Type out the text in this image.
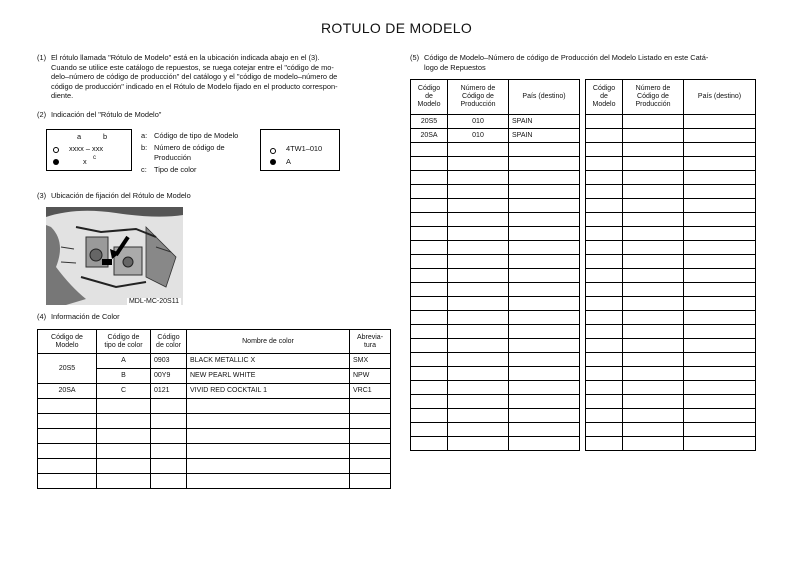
ROTULO DE MODELO
(1) El rótulo llamada "Rótulo de Modelo" está en la ubicación indicada abajo en el (3).
Cuando se utilice este catálogo de repuestos, se ruega cotejar entre el "código de mo-
delo–número de código de producción" del catálogo y el "código de modelo–número de
código de producción" indicado en el Rótulo de Modelo fijado en el producto correspon-
diente.
(2) Indicación del "Rótulo de Modelo"
a	b
xxxx – xxx
x c
a: Código de tipo de Modelo
b: Número de código de
Producción
c: Tipo de color
4TW1–010
A
(3) Ubicación de fijación del Rótulo de Modelo
MDL-MC-20S11
(4) Información de Color
Código de
Modelo	Código de
tipo de color	Código
de color	Nombre de color	Abrevia-
tura
20S5	A	0903	BLACK METALLIC X	SMX
	B	00Y9	NEW PEARL WHITE	NPW
20SA	C	0121	VIVID RED COCKTAIL 1	VRC1

(5) Código de Modelo–Número de código de Producción del Modelo Listado en este Catá-
logo de Repuestos
Código
de
Modelo	Número de
Código de
Producción	País (destino)
20S5	010	SPAIN
20SA	010	SPAIN

Código
de
Modelo	Número de
Código de
Producción	País (destino)
